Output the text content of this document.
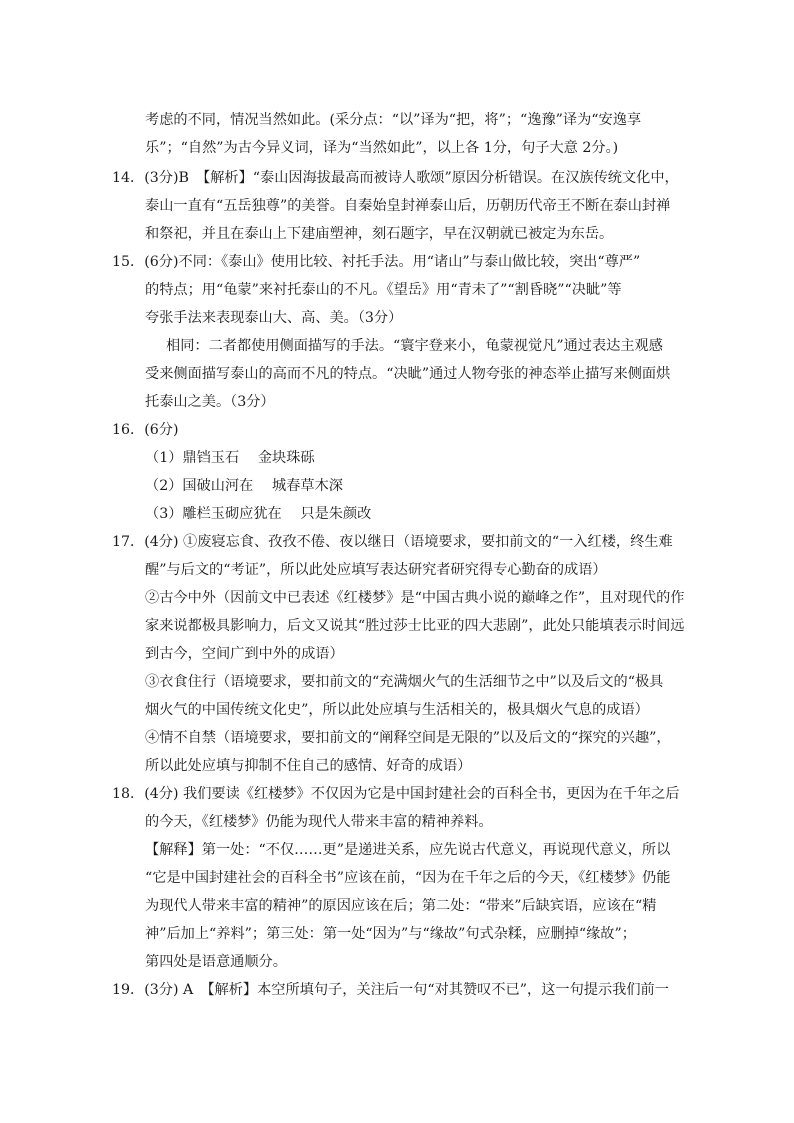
考虑的不同，情况当然如此。(采分点：“以”译为“把，将”；“逸豫”译为“安逸享
乐”；“自然”为古今异义词，译为“当然如此”，以上各 1分，句子大意 2分。)
14．(3分)B　【解析】“泰山因海拔最高而被诗人歌颂”原因分析错误。在汉族传统文化中，
泰山一直有“五岳独尊”的美誉。自秦始皇封禅泰山后，历朝历代帝王不断在泰山封禅
和祭祀，并且在泰山上下建庙塑神，刻石题字，早在汉朝就已被定为东岳。
15．(6分)不同：《泰山》使用比较、衬托手法。用“诸山”与泰山做比较，突出“尊严”
的特点；用“龟蒙”来衬托泰山的不凡。《望岳》用“青未了”“割昏晓”“决眦”等
夸张手法来表现泰山大、高、美。（3分）
相同：二者都使用侧面描写的手法。“寰宇登来小，龟蒙视觉凡”通过表达主观感
受来侧面描写泰山的高而不凡的特点。“决眦”通过人物夸张的神态举止描写来侧面烘
托泰山之美。（3分）
16．(6分)
（1）鼎铛玉石　 金块珠砾
（2）国破山河在　 城春草木深
（3）雕栏玉砌应犹在　 只是朱颜改
17．(4分) ①废寝忘食、孜孜不倦、夜以继日（语境要求，要扣前文的“一入红楼，终生难
醒”与后文的“考证”，所以此处应填写表达研究者研究得专心勤奋的成语）
②古今中外（因前文中已表述《红楼梦》是“中国古典小说的巅峰之作”，且对现代的作
家来说都极具影响力，后文又说其“胜过莎士比亚的四大悲剧”，此处只能填表示时间远
到古今，空间广到中外的成语）
③衣食住行（语境要求，要扣前文的“充满烟火气的生活细节之中”以及后文的“极具
烟火气的中国传统文化史”，所以此处应填与生活相关的，极具烟火气息的成语）
④情不自禁（语境要求，要扣前文的“阐释空间是无限的”以及后文的“探究的兴趣”，
所以此处应填与抑制不住自己的感情、好奇的成语）
18．(4分) 我们要读《红楼梦》不仅因为它是中国封建社会的百科全书，更因为在千年之后
的今天，《红楼梦》仍能为现代人带来丰富的精神养料。
【解释】第一处：“不仅……更”是递进关系，应先说古代意义，再说现代意义，所以
“它是中国封建社会的百科全书”应该在前，“因为在千年之后的今天，《红楼梦》仍能
为现代人带来丰富的精神”的原因应该在后；第二处：“带来”后缺宾语，应该在“精
神”后加上“养料”；第三处：第一处“因为”与“缘故”句式杂糅，应删掉“缘故”；
第四处是语意通顺分。
19．(3分) A　【解析】本空所填句子，关注后一句“对其赞叹不已”，这一句提示我们前一
